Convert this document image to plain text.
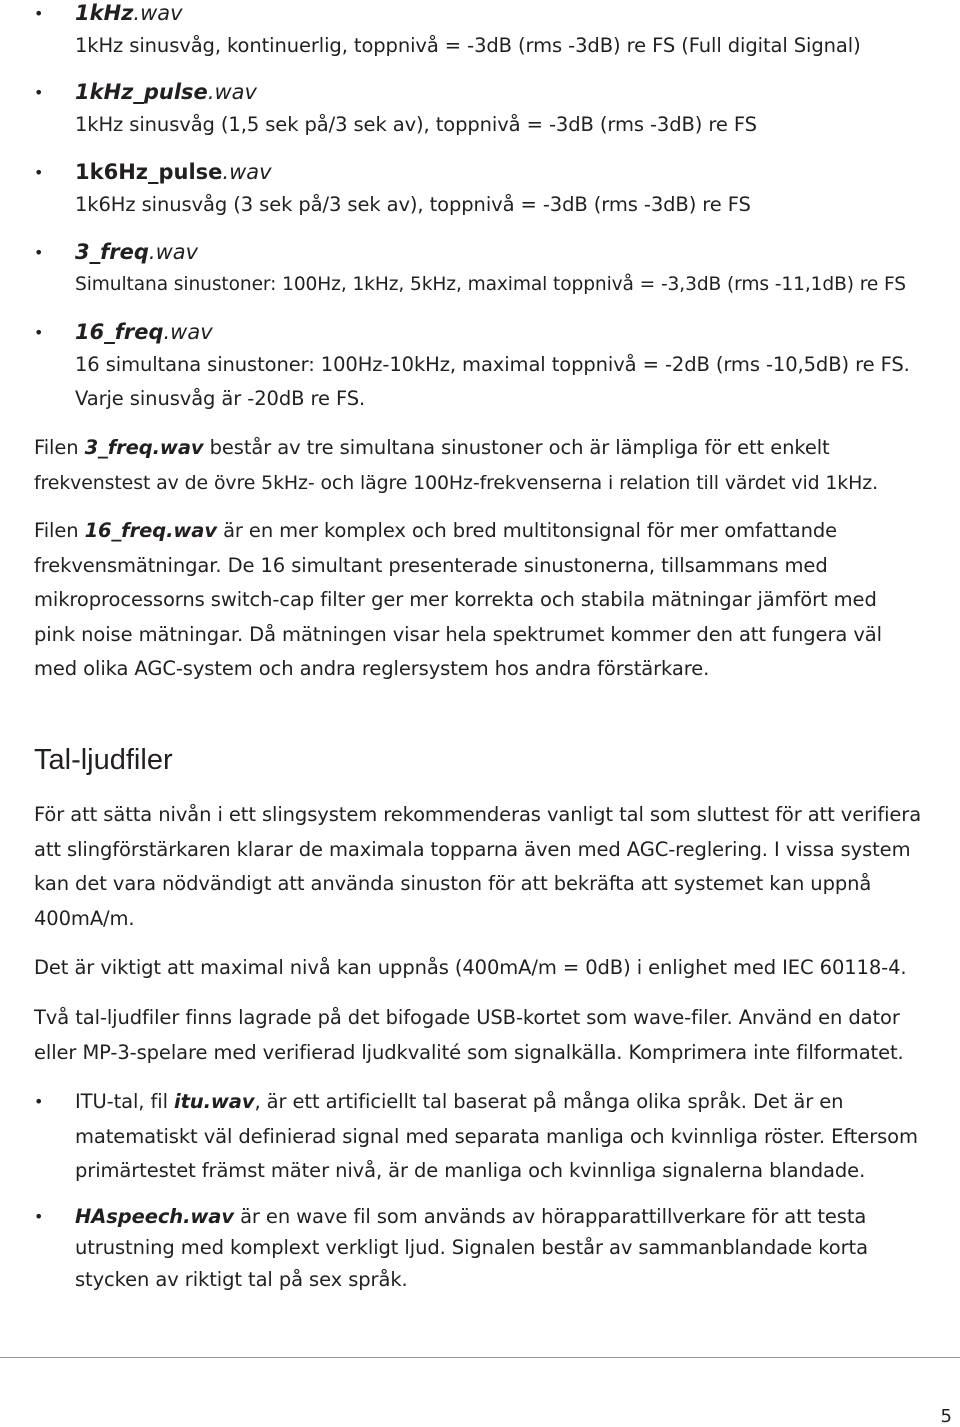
• 1kHz.wav
1kHz sinusvåg, kontinuerlig, toppnivå = -3dB (rms -3dB) re FS (Full digital Signal)
• 1kHz_pulse.wav
1kHz sinusvåg (1,5 sek på/3 sek av), toppnivå = -3dB (rms -3dB) re FS
• 1k6Hz_pulse.wav
1k6Hz sinusvåg (3 sek på/3 sek av), toppnivå = -3dB (rms -3dB) re FS
• 3_freq.wav
Simultana sinustoner: 100Hz, 1kHz, 5kHz, maximal toppnivå = -3,3dB (rms -11,1dB) re FS
• 16_freq.wav
16 simultana sinustoner: 100Hz-10kHz, maximal toppnivå = -2dB (rms -10,5dB) re FS.
Varje sinusvåg är -20dB re FS.
Filen 3_freq.wav består av tre simultana sinustoner och är lämpliga för ett enkelt
frekvenstest av de övre 5kHz- och lägre 100Hz-frekvenserna i relation till värdet vid 1kHz.
Filen 16_freq.wav är en mer komplex och bred multitonsignal för mer omfattande
frekvensmätningar. De 16 simultant presenterade sinustonerna, tillsammans med
mikroprocessorns switch-cap filter ger mer korrekta och stabila mätningar jämfört med
pink noise mätningar. Då mätningen visar hela spektrumet kommer den att fungera väl
med olika AGC-system och andra reglersystem hos andra förstärkare.
Tal-ljudfiler
För att sätta nivån i ett slingsystem rekommenderas vanligt tal som sluttest för att verifiera
att slingförstärkaren klarar de maximala topparna även med AGC-reglering. I vissa system
kan det vara nödvändigt att använda sinuston för att bekräfta att systemet kan uppnå
400mA/m.
Det är viktigt att maximal nivå kan uppnås (400mA/m = 0dB) i enlighet med IEC 60118-4.
Två tal-ljudfiler finns lagrade på det bifogade USB-kortet som wave-filer. Använd en dator
eller MP-3-spelare med verifierad ljudkvalité som signalkälla. Komprimera inte filformatet.
• ITU-tal, fil itu.wav, är ett artificiellt tal baserat på många olika språk. Det är en
matematiskt väl definierad signal med separata manliga och kvinnliga röster. Eftersom
primärtestet främst mäter nivå, är de manliga och kvinnliga signalerna blandade.
• HAspeech.wav är en wave fil som används av hörapparattillverkare för att testa
utrustning med komplext verkligt ljud. Signalen består av sammanblandade korta
stycken av riktigt tal på sex språk.
5
